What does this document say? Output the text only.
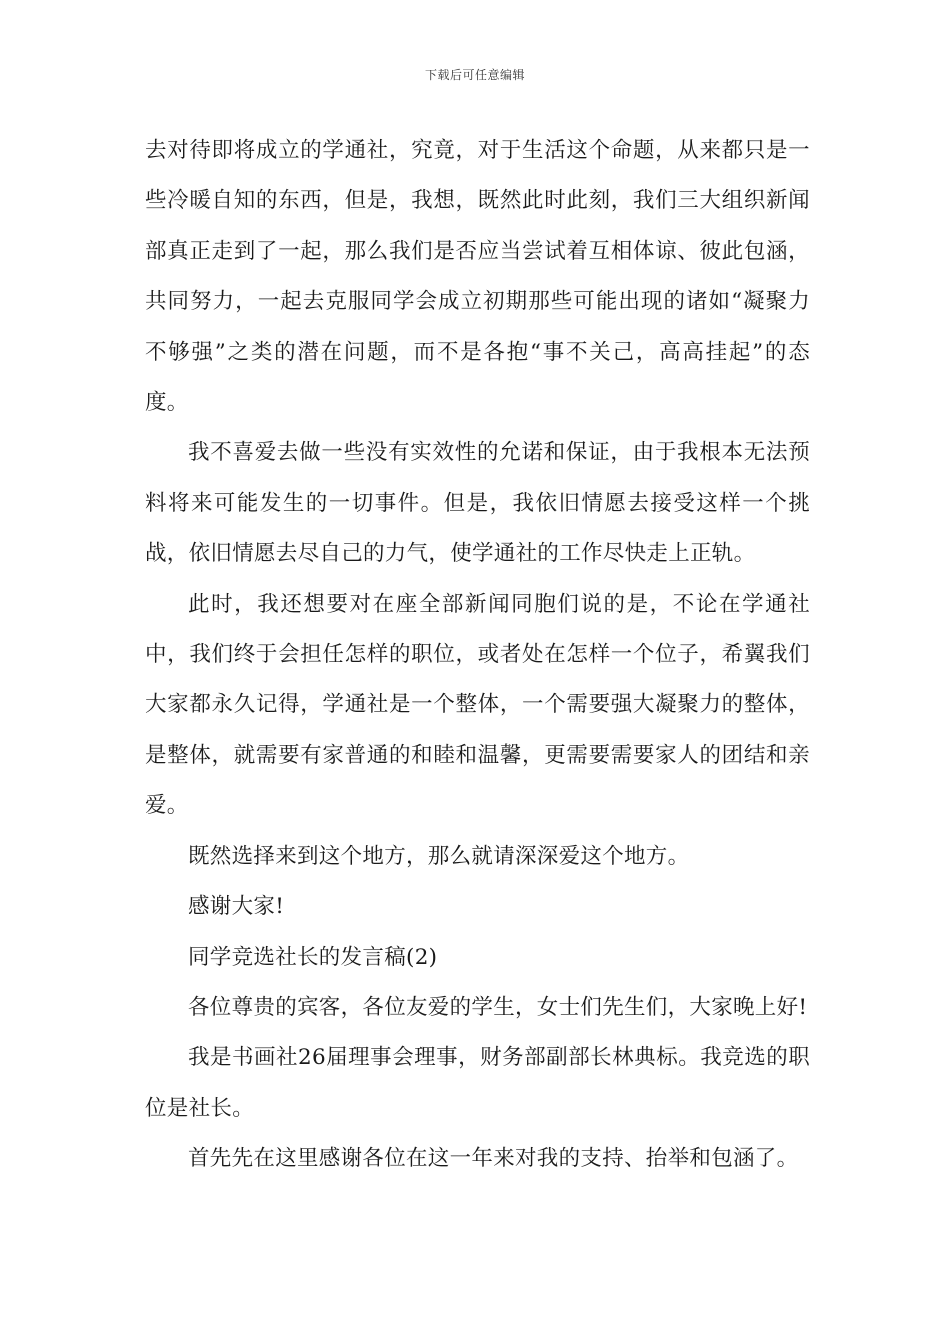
下载后可任意编辑

去对待即将成立的学通社，究竟，对于生活这个命题，从来都只是一些冷暖自知的东西，但是，我想，既然此时此刻，我们三大组织新闻部真正走到了一起，那么我们是否应当尝试着互相体谅、彼此包涵，共同努力，一起去克服同学会成立初期那些可能出现的诸如“凝聚力不够强”之类的潜在问题，而不是各抱“事不关己，高高挂起”的态度。

我不喜爱去做一些没有实效性的允诺和保证，由于我根本无法预料将来可能发生的一切事件。但是，我依旧情愿去接受这样一个挑战，依旧情愿去尽自己的力气，使学通社的工作尽快走上正轨。

此时，我还想要对在座全部新闻同胞们说的是，不论在学通社中，我们终于会担任怎样的职位，或者处在怎样一个位子，希翼我们大家都永久记得，学通社是一个整体，一个需要强大凝聚力的整体，是整体，就需要有家普通的和睦和温馨，更需要需要家人的团结和亲爱。

既然选择来到这个地方，那么就请深深爱这个地方。

感谢大家!

同学竞选社长的发言稿(2)

各位尊贵的宾客，各位友爱的学生，女士们先生们，大家晚上好!

我是书画社26届理事会理事，财务部副部长林典标。我竞选的职位是社长。

首先先在这里感谢各位在这一年来对我的支持、抬举和包涵了。
